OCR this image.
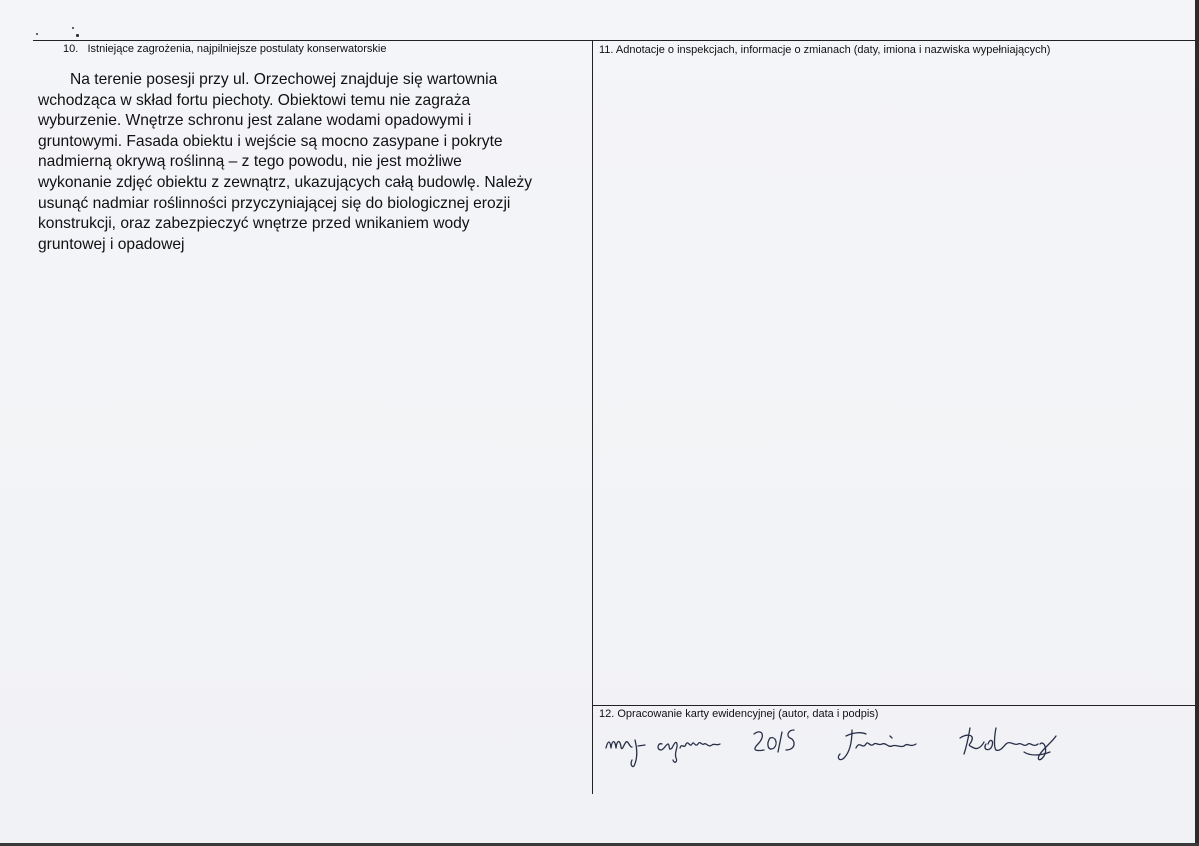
10. Istniejące zagrożenia, najpilniejsze postulaty konserwatorskie
Na terenie posesji przy ul. Orzechowej znajduje się wartownia
wchodząca w skład fortu piechoty. Obiektowi temu nie zagraża
wyburzenie. Wnętrze schronu jest zalane wodami opadowymi i
gruntowymi. Fasada obiektu i wejście są mocno zasypane i pokryte
nadmierną okrywą roślinną – z tego powodu, nie jest możliwe
wykonanie zdjęć obiektu z zewnątrz, ukazujących całą budowlę. Należy
usunąć nadmiar roślinności przyczyniającej się do biologicznej erozji
konstrukcji, oraz zabezpieczyć wnętrze przed wnikaniem wody
gruntowej i opadowej
11. Adnotacje o inspekcjach, informacje o zmianach (daty, imiona i nazwiska wypełniających)
12. Opracowanie karty ewidencyjnej (autor, data i podpis)
